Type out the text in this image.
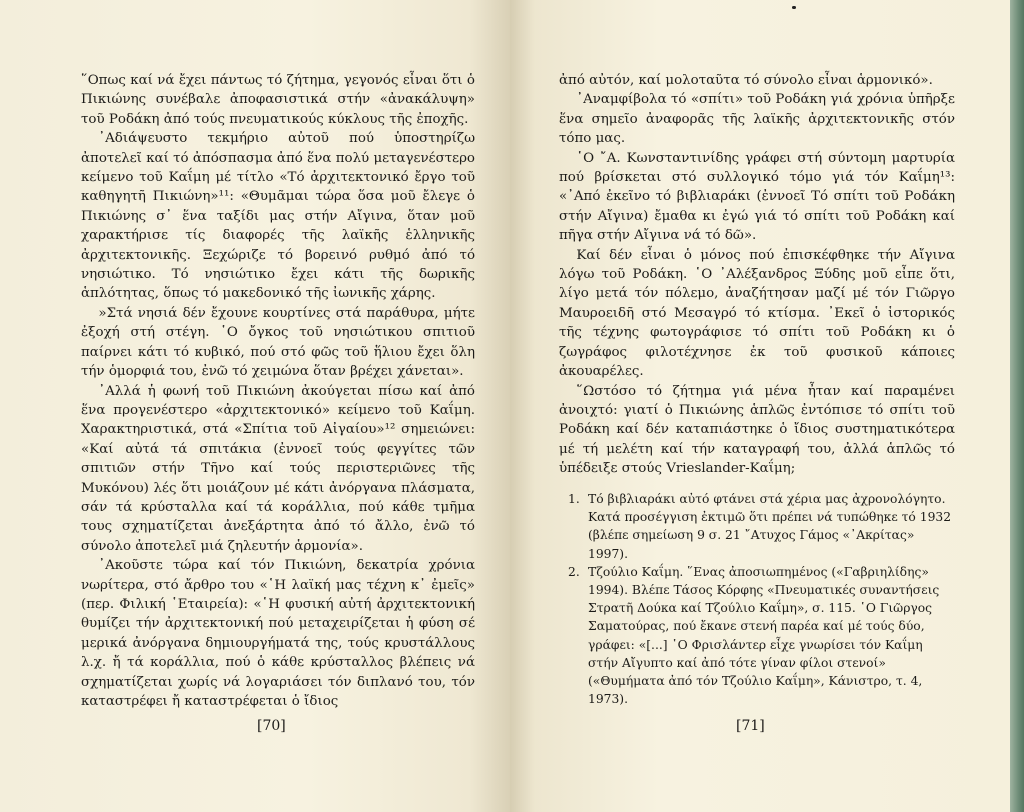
῞Οπως καί νά ἔχει πάντως τό ζήτημα, γεγονός εἶναι ὅτι ὁ Πικιώνης συνέβαλε ἀποφασιστικά στήν «ἀνακάλυψη» τοῦ Ροδάκη ἀπό τούς πνευματικούς κύκλους τῆς ἐποχῆς.

᾿Αδιάψευστο τεκμήριο αὐτοῦ πού ὑποστηρίζω ἀποτελεῖ καί τό ἀπόσπασμα ἀπό ἕνα πολύ μεταγενέστερο κείμενο τοῦ Καΐμη μέ τίτλο «Τό ἀρχιτεκτονικό ἔργο τοῦ καθηγητῆ Πικιώνη»¹¹: «Θυμᾶμαι τώρα ὅσα μοῦ ἔλεγε ὁ Πικιώνης σ᾿ ἕνα ταξίδι μας στήν Αἴγινα, ὅταν μοῦ χαρακτήρισε τίς διαφορές τῆς λαϊκῆς ἑλληνικῆς ἀρχιτεκτονικῆς. Ξεχώριζε τό βορεινό ρυθμό ἀπό τό νησιώτικο. Τό νησιώτικο ἔχει κάτι τῆς δωρικῆς ἁπλότητας, ὅπως τό μακεδονικό τῆς ἰωνικῆς χάρης.

»Στά νησιά δέν ἔχουνε κουρτίνες στά παράθυρα, μήτε ἐξοχή στή στέγη. ῾Ο ὄγκος τοῦ νησιώτικου σπιτιοῦ παίρνει κάτι τό κυβικό, πού στό φῶς τοῦ ἥλιου ἔχει ὅλη τήν ὁμορφιά του, ἐνῶ τό χειμώνα ὅταν βρέχει χάνεται».

᾿Αλλά ἡ φωνή τοῦ Πικιώνη ἀκούγεται πίσω καί ἀπό ἕνα προγενέστερο «ἀρχιτεκτονικό» κείμενο τοῦ Καΐμη. Χαρακτηριστικά, στά «Σπίτια τοῦ Αἰγαίου»¹² σημειώνει: «Καί αὐτά τά σπιτάκια (ἐννοεῖ τούς φεγγίτες τῶν σπιτιῶν στήν Τῆνο καί τούς περιστεριῶνες τῆς Μυκόνου) λές ὅτι μοιάζουν μέ κάτι ἀνόργανα πλάσματα, σάν τά κρύσταλλα καί τά κοράλλια, πού κάθε τμῆμα τους σχηματίζεται ἀνεξάρτητα ἀπό τό ἄλλο, ἐνῶ τό σύνολο ἀποτελεῖ μιά ζηλευτήν ἁρμονία».

᾿Ακοῦστε τώρα καί τόν Πικιώνη, δεκατρία χρόνια νωρίτερα, στό ἄρθρο του «῾Η λαϊκή μας τέχνη κ᾿ ἐμεῖς» (περ. Φιλική ῾Εταιρεία): «῾Η φυσική αὐτή ἀρχιτεκτονική θυμίζει τήν ἀρχιτεκτονική πού μεταχειρίζεται ἡ φύση σέ μερικά ἀνόργανα δημιουργήματά της, τούς κρυστάλλους λ.χ. ἤ τά κοράλλια, πού ὁ κάθε κρύσταλλος βλέπεις νά σχηματίζεται χωρίς νά λογαριάσει τόν διπλανό του, τόν καταστρέφει ἤ καταστρέφεται ὁ ἴδιος

[70]

ἀπό αὐτόν, καί μολοταῦτα τό σύνολο εἶναι ἁρμονικό».

᾿Αναμφίβολα τό «σπίτι» τοῦ Ροδάκη γιά χρόνια ὑπῆρξε ἕνα σημεῖο ἀναφορᾶς τῆς λαϊκῆς ἀρχιτεκτονικῆς στόν τόπο μας.

῾Ο ῎Α. Κωνσταντινίδης γράφει στή σύντομη μαρτυρία πού βρίσκεται στό συλλογικό τόμο γιά τόν Καΐμη¹³: «᾿Από ἐκεῖνο τό βιβλιαράκι (ἐννοεῖ Τό σπίτι τοῦ Ροδάκη στήν Αἴγινα) ἔμαθα κι ἐγώ γιά τό σπίτι τοῦ Ροδάκη καί πῆγα στήν Αἴγινα νά τό δῶ».

Καί δέν εἶναι ὁ μόνος πού ἐπισκέφθηκε τήν Αἴγινα λόγω τοῦ Ροδάκη. ῾Ο ᾿Αλέξανδρος Ξύδης μοῦ εἶπε ὅτι, λίγο μετά τόν πόλεμο, ἀναζήτησαν μαζί μέ τόν Γιῶργο Μαυροειδῆ στό Μεσαγρό τό κτίσμα. ᾿Εκεῖ ὁ ἱστορικός τῆς τέχνης φωτογράφισε τό σπίτι τοῦ Ροδάκη κι ὁ ζωγράφος φιλοτέχνησε ἐκ τοῦ φυσικοῦ κάποιες ἀκουαρέλες.

῞Ωστόσο τό ζήτημα γιά μένα ἦταν καί παραμένει ἀνοιχτό: γιατί ὁ Πικιώνης ἁπλῶς ἐντόπισε τό σπίτι τοῦ Ροδάκη καί δέν καταπιάστηκε ὁ ἴδιος συστηματικότερα μέ τή μελέτη καί τήν καταγραφή του, ἀλλά ἁπλῶς τό ὑπέδειξε στούς Vrieslander-Καΐμη;

1. Τό βιβλιαράκι αὐτό φτάνει στά χέρια μας ἀχρονολόγητο. Κατά προσέγγιση ἐκτιμῶ ὅτι πρέπει νά τυπώθηκε τό 1932 (βλέπε σημείωση 9 σ. 21 ῎Ατυχος Γάμος «᾿Ακρίτας» 1997).
2. Τζούλιο Καΐμη. ῞Ενας ἀποσιωπημένος («Γαβριηλίδης» 1994). Βλέπε Τάσος Κόρφης «Πνευματικές συναντήσεις Στρατῆ Δούκα καί Τζούλιο Καΐμη», σ. 115. ῾Ο Γιῶργος Σαματούρας, πού ἔκανε στενή παρέα καί μέ τούς δύο, γράφει: «[...] ῾Ο Φρισλάντερ εἶχε γνωρίσει τόν Καΐμη στήν Αἴγυπτο καί ἀπό τότε γίναν φίλοι στενοί» («Θυμήματα ἀπό τόν Τζούλιο Καΐμη», Κάνιστρο, τ. 4, 1973).
[71]
